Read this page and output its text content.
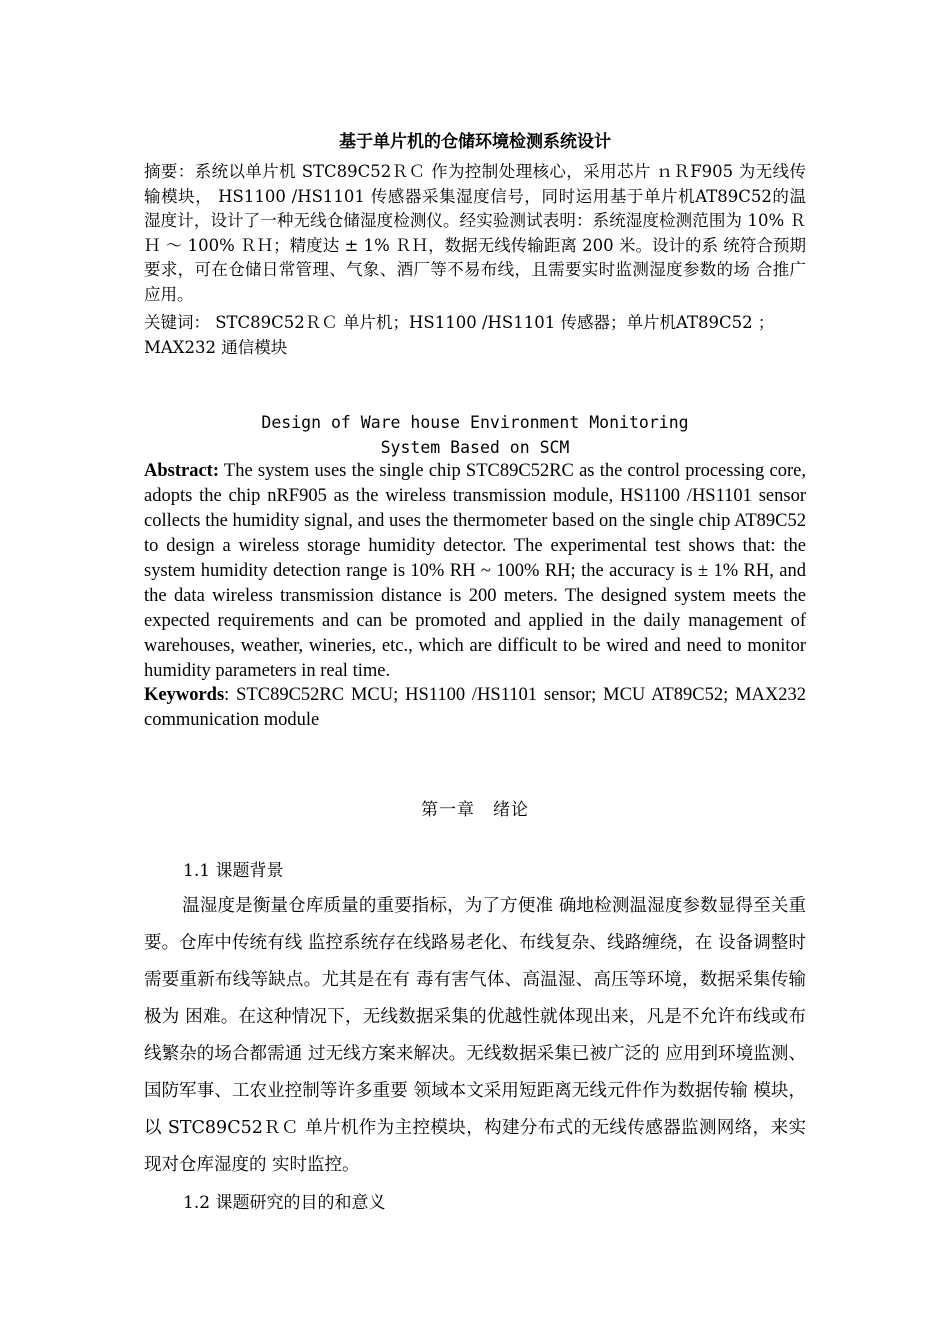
基于单片机的仓储环境检测系统设计
摘要：系统以单片机 STC89C52ＲＣ 作为控制处理核心，采用芯片 ｎＲF905 为无线传输模块， HS1100 /HS1101 传感器采集湿度信号，同时运用基于单片机AT89C52的温湿度计，设计了一种无线仓储湿度检测仪。经实验测试表明：系统湿度检测范围为 10% ＲＨ ～ 100% ＲＨ；精度达 ± 1% ＲＨ，数据无线传输距离 200 米。设计的系 统符合预期要求，可在仓储日常管理、气象、酒厂等不易布线，且需要实时监测湿度参数的场 合推广应用。
关键词： STC89C52ＲＣ 单片机；HS1100 /HS1101 传感器；单片机AT89C52 ；MAX232 通信模块
Design of Ware house Environment Monitoring
System Based on SCM
Abstract: The system uses the single chip STC89C52RC as the control processing core, adopts the chip nRF905 as the wireless transmission module, HS1100 /HS1101 sensor collects the humidity signal, and uses the thermometer based on the single chip AT89C52 to design a wireless storage humidity detector. The experimental test shows that: the system humidity detection range is 10% RH ~ 100% RH; the accuracy is ± 1% RH, and the data wireless transmission distance is 200 meters. The designed system meets the expected requirements and can be promoted and applied in the daily management of warehouses, weather, wineries, etc., which are difficult to be wired and need to monitor humidity parameters in real time.
Keywords: STC89C52RC MCU; HS1100 /HS1101 sensor; MCU AT89C52; MAX232 communication module
第一章　绪论
1.1 课题背景
温湿度是衡量仓库质量的重要指标，为了方便准 确地检测温湿度参数显得至关重要。仓库中传统有线 监控系统存在线路易老化、布线复杂、线路缠绕，在 设备调整时需要重新布线等缺点。尤其是在有 毒有害气体、高温湿、高压等环境，数据采集传输极为 困难。在这种情况下，无线数据采集的优越性就体现出来，凡是不允许布线或布线繁杂的场合都需通 过无线方案来解决。无线数据采集已被广泛的 应用到环境监测、国防军事、工农业控制等许多重要 领域本文采用短距离无线元件作为数据传输 模块，以 STC89C52ＲＣ 单片机作为主控模块，构建分布式的无线传感器监测网络，来实现对仓库湿度的 实时监控。
1.2 课题研究的目的和意义
